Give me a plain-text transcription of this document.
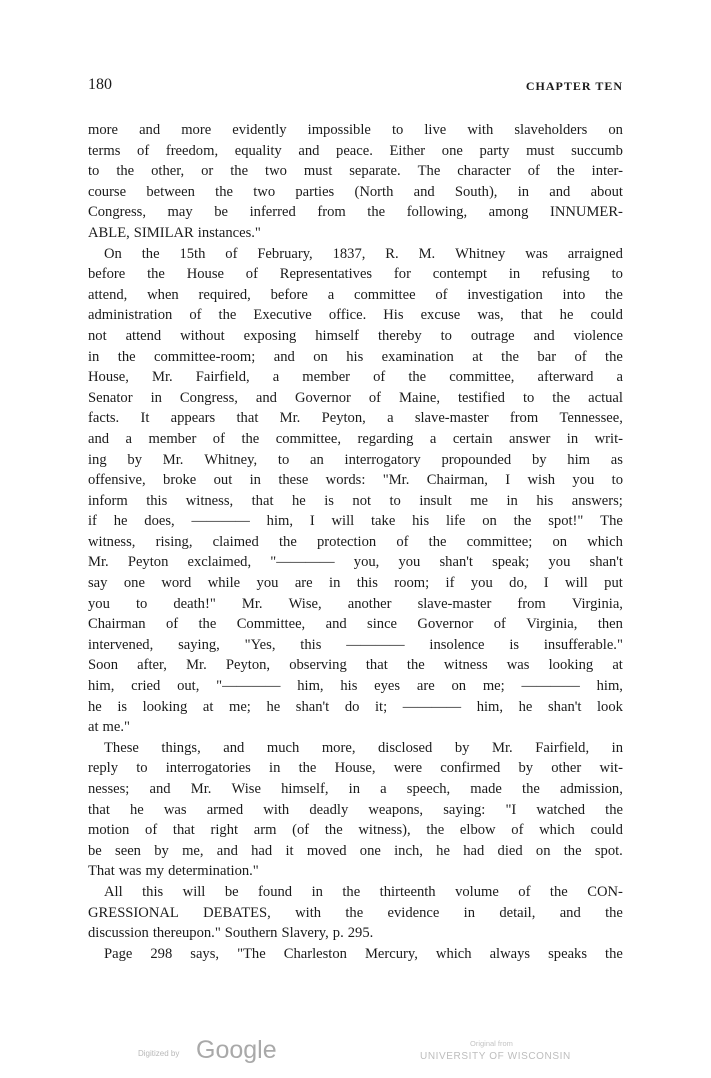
180	CHAPTER TEN
more and more evidently impossible to live with slaveholders on
terms of freedom, equality and peace. Either one party must succumb
to the other, or the two must separate. The character of the inter-
course between the two parties (North and South), in and about
Congress, may be inferred from the following, among INNUMER-
ABLE, SIMILAR instances."
On the 15th of February, 1837, R. M. Whitney was arraigned
before the House of Representatives for contempt in refusing to
attend, when required, before a committee of investigation into the
administration of the Executive office. His excuse was, that he could
not attend without exposing himself thereby to outrage and violence
in the committee-room; and on his examination at the bar of the
House, Mr. Fairfield, a member of the committee, afterward a
Senator in Congress, and Governor of Maine, testified to the actual
facts. It appears that Mr. Peyton, a slave-master from Tennessee,
and a member of the committee, regarding a certain answer in writ-
ing by Mr. Whitney, to an interrogatory propounded by him as
offensive, broke out in these words: "Mr. Chairman, I wish you to
inform this witness, that he is not to insult me in his answers;
if he does, ———— him, I will take his life on the spot!" The
witness, rising, claimed the protection of the committee; on which
Mr. Peyton exclaimed, "———— you, you shan't speak; you shan't
say one word while you are in this room; if you do, I will put
you to death!" Mr. Wise, another slave-master from Virginia,
Chairman of the Committee, and since Governor of Virginia, then
intervened, saying, "Yes, this ———— insolence is insufferable."
Soon after, Mr. Peyton, observing that the witness was looking at
him, cried out, "———— him, his eyes are on me; ———— him,
he is looking at me; he shan't do it; ———— him, he shan't look
at me."
These things, and much more, disclosed by Mr. Fairfield, in
reply to interrogatories in the House, were confirmed by other wit-
nesses; and Mr. Wise himself, in a speech, made the admission,
that he was armed with deadly weapons, saying: "I watched the
motion of that right arm (of the witness), the elbow of which could
be seen by me, and had it moved one inch, he had died on the spot.
That was my determination."
All this will be found in the thirteenth volume of the CON-
GRESSIONAL DEBATES, with the evidence in detail, and the
discussion thereupon." Southern Slavery, p. 295.
Page 298 says, "The Charleston Mercury, which always speaks the
Digitized by Google	Original from
UNIVERSITY OF WISCONSIN
